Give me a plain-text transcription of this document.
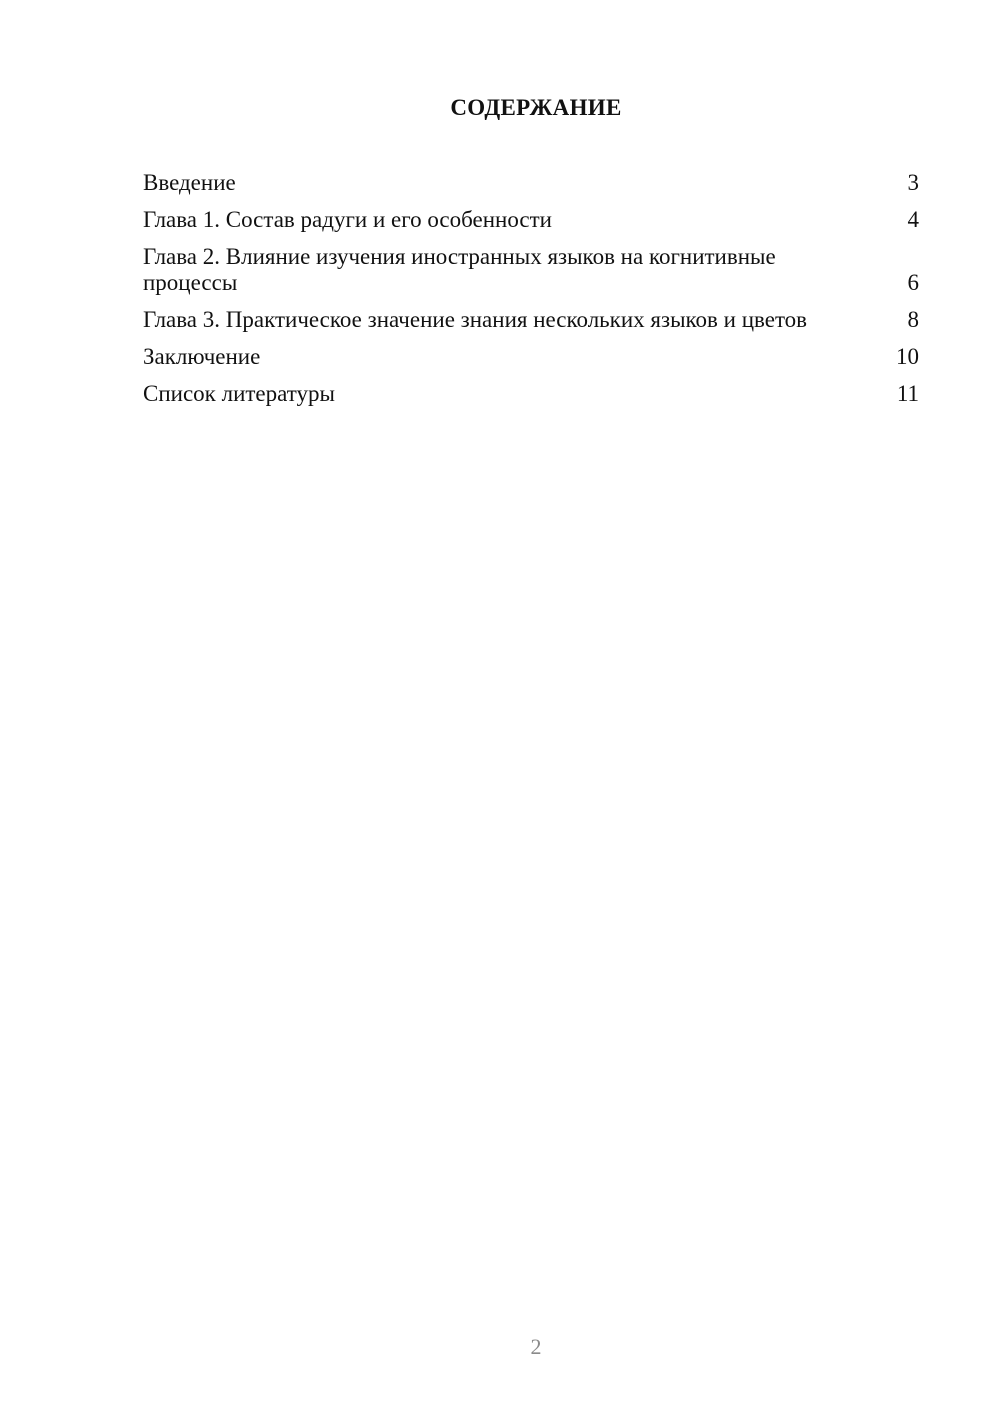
СОДЕРЖАНИЕ
Введение	3
Глава 1. Состав радуги и его особенности	4
Глава 2. Влияние изучения иностранных языков на когнитивные процессы	6
Глава 3. Практическое значение знания нескольких языков и цветов	8
Заключение	10
Список литературы	11
2
